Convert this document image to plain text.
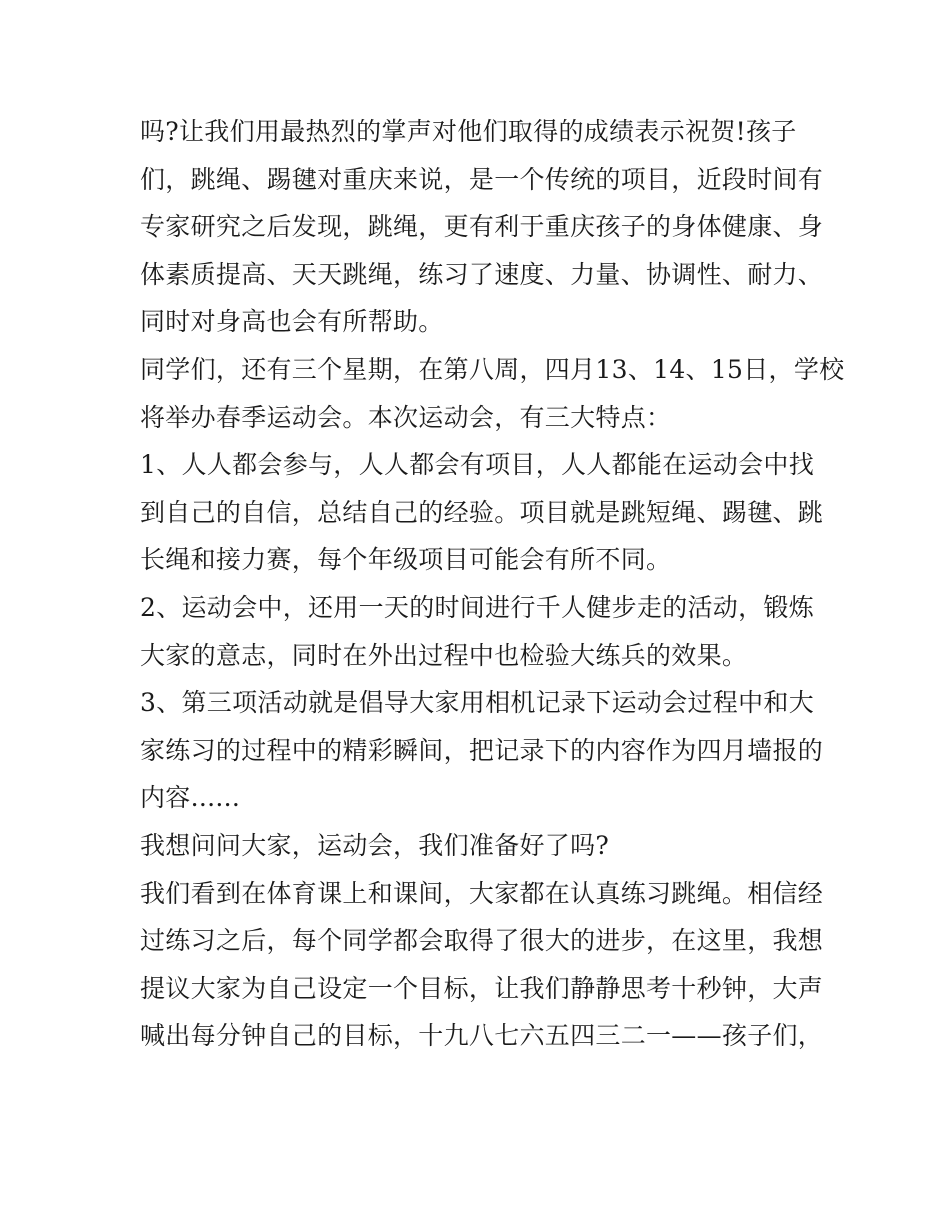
吗?让我们用最热烈的掌声对他们取得的成绩表示祝贺!孩子
们，跳绳、踢毽对重庆来说，是一个传统的项目，近段时间有
专家研究之后发现，跳绳，更有利于重庆孩子的身体健康、身
体素质提高、天天跳绳，练习了速度、力量、协调性、耐力、
同时对身高也会有所帮助。
同学们，还有三个星期，在第八周，四月13、14、15日，学校
将举办春季运动会。本次运动会，有三大特点：
1、人人都会参与，人人都会有项目，人人都能在运动会中找
到自己的自信，总结自己的经验。项目就是跳短绳、踢毽、跳
长绳和接力赛，每个年级项目可能会有所不同。
2、运动会中，还用一天的时间进行千人健步走的活动，锻炼
大家的意志，同时在外出过程中也检验大练兵的效果。
3、第三项活动就是倡导大家用相机记录下运动会过程中和大
家练习的过程中的精彩瞬间，把记录下的内容作为四月墙报的
内容......
我想问问大家，运动会，我们准备好了吗?
我们看到在体育课上和课间，大家都在认真练习跳绳。相信经
过练习之后，每个同学都会取得了很大的进步，在这里，我想
提议大家为自己设定一个目标，让我们静静思考十秒钟，大声
喊出每分钟自己的目标，十九八七六五四三二一——孩子们，
